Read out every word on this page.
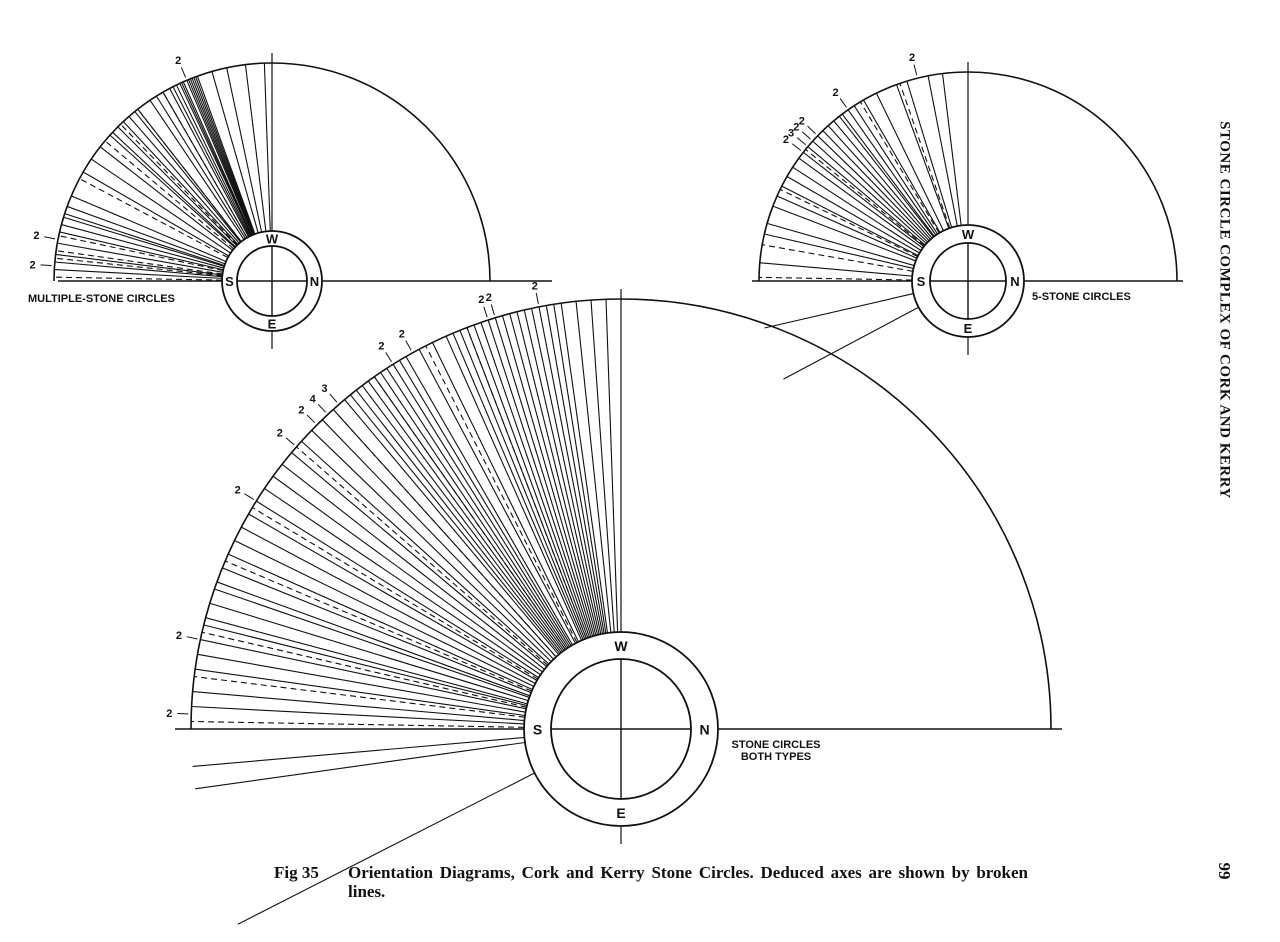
2
2
2
W
S	N
E
MULTIPLE-STONE CIRCLES
2
3
2 2
2
2
W
S	N
E
5-STONE CIRCLES
2
2
2
2
2
4
3
2
2
2 2
2
W
S	N
E
STONE CIRCLES
BOTH TYPES
Fig 35 Orientation Diagrams, Cork and Kerry Stone Circles. Deduced axes are shown by broken lines.
STONE CIRCLE COMPLEX OF CORK AND KERRY
99
